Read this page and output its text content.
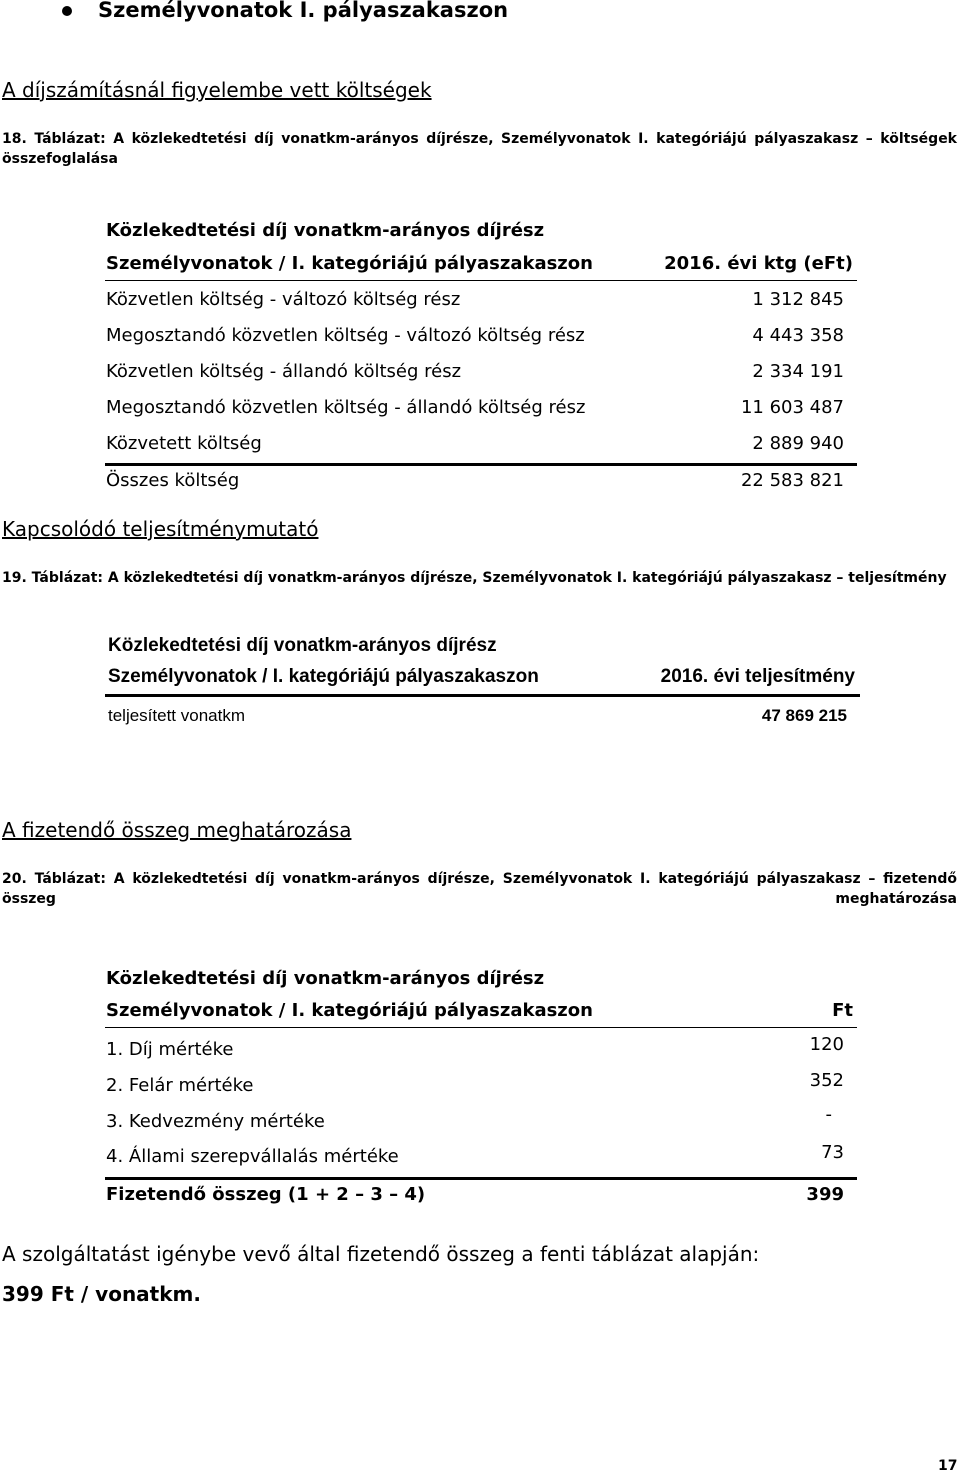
Személyvonatok I. pályaszakaszon
A díjszámításnál figyelembe vett költségek
18. Táblázat: A közlekedtetési díj vonatkm-arányos díjrésze, Személyvonatok I. kategóriájú pályaszakasz – költségek összefoglalása
Közlekedtetési díj vonatkm-arányos díjrész
Személyvonatok / I. kategóriájú pályaszakaszon	2016. évi ktg (eFt)
Közvetlen költség - változó költség rész	1 312 845
Megosztandó közvetlen költség - változó költség rész	4 443 358
Közvetlen költség - állandó költség rész	2 334 191
Megosztandó közvetlen költség - állandó költség rész	11 603 487
Közvetett költség	2 889 940
Összes költség	22 583 821
Kapcsolódó teljesítménymutató
19. Táblázat: A közlekedtetési díj vonatkm-arányos díjrésze, Személyvonatok I. kategóriájú pályaszakasz – teljesítmény
Közlekedtetési díj vonatkm-arányos díjrész
Személyvonatok / I. kategóriájú pályaszakaszon	2016. évi teljesítmény
teljesített vonatkm	47 869 215
A fizetendő összeg meghatározása
20. Táblázat: A közlekedtetési díj vonatkm-arányos díjrésze, Személyvonatok I. kategóriájú pályaszakasz – fizetendő összeg meghatározása
Közlekedtetési díj vonatkm-arányos díjrész
Személyvonatok / I. kategóriájú pályaszakaszon	Ft
1. Díj mértéke	120
2. Felár mértéke	352
3. Kedvezmény mértéke	-
4. Állami szerepvállalás mértéke	73
Fizetendő összeg (1 + 2 – 3 – 4)	399
A szolgáltatást igénybe vevő által fizetendő összeg a fenti táblázat alapján:
399 Ft / vonatkm.
17
